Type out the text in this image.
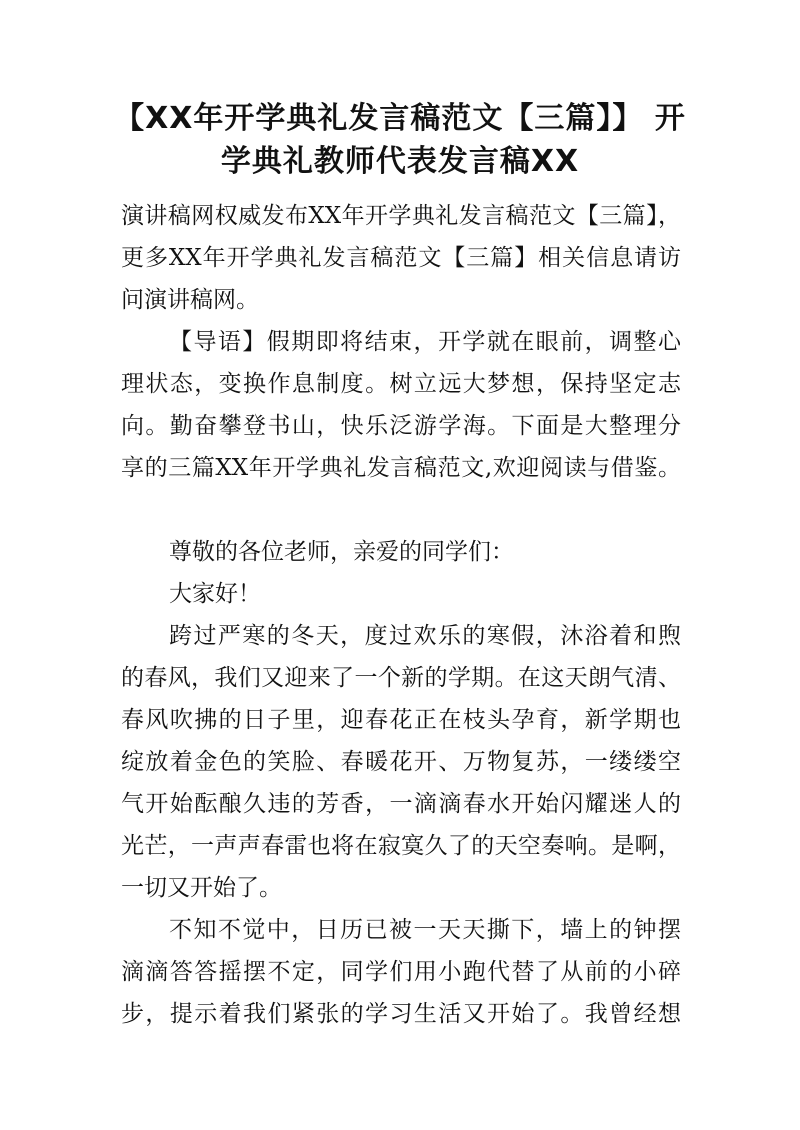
【XX年开学典礼发言稿范文【三篇】】 开
学典礼教师代表发言稿XX
演讲稿网权威发布XX年开学典礼发言稿范文【三篇】，
更多XX年开学典礼发言稿范文【三篇】相关信息请访
问演讲稿网。
【导语】假期即将结束，开学就在眼前，调整心
理状态，变换作息制度。树立远大梦想，保持坚定志
向。勤奋攀登书山，快乐泛游学海。下面是大整理分
享的三篇XX年开学典礼发言稿范文,欢迎阅读与借鉴。
尊敬的各位老师，亲爱的同学们：
大家好！
跨过严寒的冬天，度过欢乐的寒假，沐浴着和煦
的春风，我们又迎来了一个新的学期。在这天朗气清、
春风吹拂的日子里，迎春花正在枝头孕育，新学期也
绽放着金色的笑脸、春暖花开、万物复苏，一缕缕空
气开始酝酿久违的芳香，一滴滴春水开始闪耀迷人的
光芒，一声声春雷也将在寂寞久了的天空奏响。是啊，
一切又开始了。
不知不觉中，日历已被一天天撕下，墙上的钟摆
滴滴答答摇摆不定，同学们用小跑代替了从前的小碎
步，提示着我们紧张的学习生活又开始了。我曾经想
